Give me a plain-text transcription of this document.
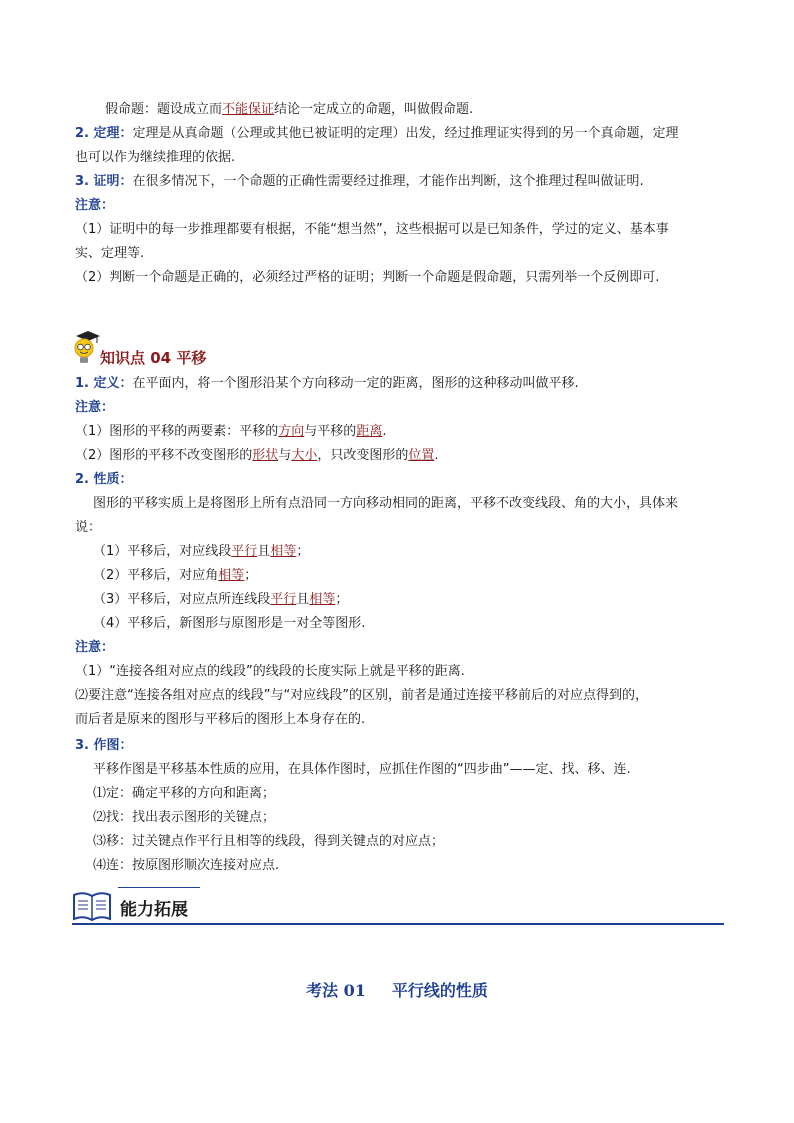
假命题：题设成立而不能保证结论一定成立的命题，叫做假命题.
2. 定理：定理是从真命题（公理或其他已被证明的定理）出发，经过推理证实得到的另一个真命题，定理
也可以作为继续推理的依据.
3. 证明：在很多情况下，一个命题的正确性需要经过推理，才能作出判断，这个推理过程叫做证明.
注意：
（1）证明中的每一步推理都要有根据，不能“想当然”，这些根据可以是已知条件，学过的定义、基本事
实、定理等.
（2）判断一个命题是正确的，必须经过严格的证明；判断一个命题是假命题，只需列举一个反例即可.
知识点 04 平移
1. 定义：在平面内，将一个图形沿某个方向移动一定的距离，图形的这种移动叫做平移.
注意：
（1）图形的平移的两要素：平移的方向与平移的距离.
（2）图形的平移不改变图形的形状与大小，只改变图形的位置.
2. 性质：
图形的平移实质上是将图形上所有点沿同一方向移动相同的距离，平移不改变线段、角的大小，具体来
说：
（1）平移后，对应线段平行且相等；
（2）平移后，对应角相等；
（3）平移后，对应点所连线段平行且相等；
（4）平移后，新图形与原图形是一对全等图形.
注意：
（1）“连接各组对应点的线段”的线段的长度实际上就是平移的距离.
⑵要注意“连接各组对应点的线段”与“对应线段”的区别，前者是通过连接平移前后的对应点得到的，
而后者是原来的图形与平移后的图形上本身存在的.
3. 作图：
平移作图是平移基本性质的应用，在具体作图时，应抓住作图的“四步曲”——定、找、移、连.
⑴定：确定平移的方向和距离；
⑵找：找出表示图形的关键点；
⑶移：过关键点作平行且相等的线段，得到关键点的对应点；
⑷连：按原图形顺次连接对应点.
能力拓展
考法 01 平行线的性质
